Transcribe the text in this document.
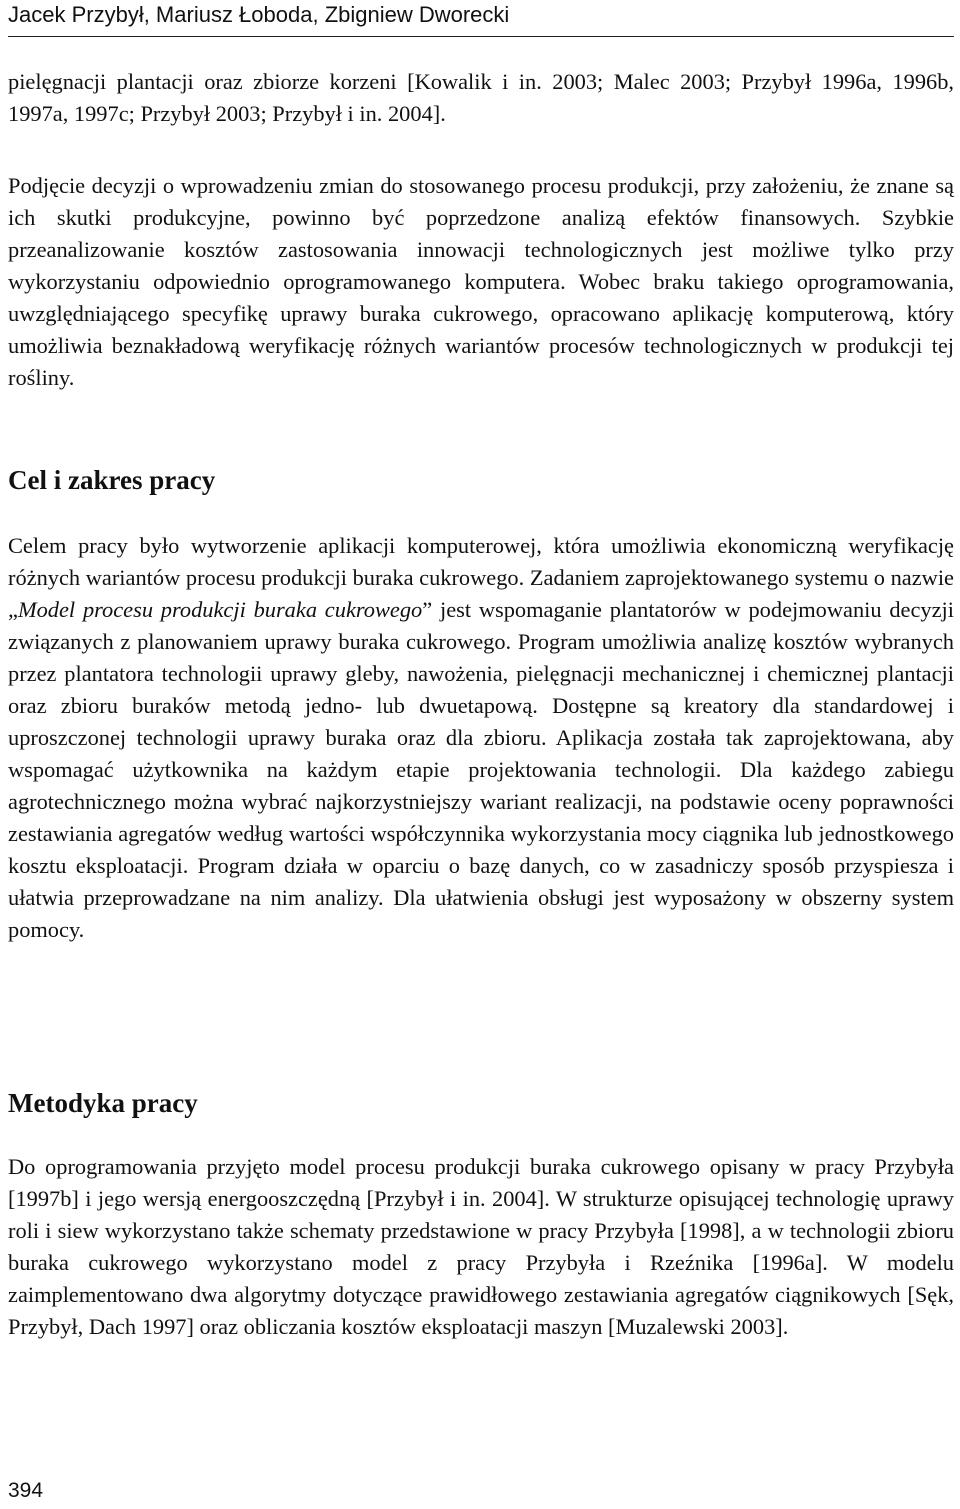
Jacek Przybył, Mariusz Łoboda, Zbigniew Dworecki

pielęgnacji plantacji oraz zbiorze korzeni [Kowalik i in. 2003; Malec 2003; Przybył 1996a, 1996b, 1997a, 1997c; Przybył 2003; Przybył i in. 2004].

Podjęcie decyzji o wprowadzeniu zmian do stosowanego procesu produkcji, przy założeniu, że znane są ich skutki produkcyjne, powinno być poprzedzone analizą efektów finansowych. Szybkie przeanalizowanie kosztów zastosowania innowacji technologicznych jest możliwe tylko przy wykorzystaniu odpowiednio oprogramowanego komputera. Wobec braku takiego oprogramowania, uwzględniającego specyfikę uprawy buraka cukrowego, opracowano aplikację komputerową, który umożliwia beznakładową weryfikację różnych wariantów procesów technologicznych w produkcji tej rośliny.

Cel i zakres pracy

Celem pracy było wytworzenie aplikacji komputerowej, która umożliwia ekonomiczną weryfikację różnych wariantów procesu produkcji buraka cukrowego. Zadaniem zaprojektowanego systemu o nazwie „Model procesu produkcji buraka cukrowego” jest wspomaganie plantatorów w podejmowaniu decyzji związanych z planowaniem uprawy buraka cukrowego. Program umożliwia analizę kosztów wybranych przez plantatora technologii uprawy gleby, nawożenia, pielęgnacji mechanicznej i chemicznej plantacji oraz zbioru buraków metodą jedno- lub dwuetapową. Dostępne są kreatory dla standardowej i uproszczonej technologii uprawy buraka oraz dla zbioru. Aplikacja została tak zaprojektowana, aby wspomagać użytkownika na każdym etapie projektowania technologii. Dla każdego zabiegu agrotechnicznego można wybrać najkorzystniejszy wariant realizacji, na podstawie oceny poprawności zestawiania agregatów według wartości współczynnika wykorzystania mocy ciągnika lub jednostkowego kosztu eksploatacji. Program działa w oparciu o bazę danych, co w zasadniczy sposób przyspiesza i ułatwia przeprowadzane na nim analizy. Dla ułatwienia obsługi jest wyposażony w obszerny system pomocy.

Metodyka pracy

Do oprogramowania przyjęto model procesu produkcji buraka cukrowego opisany w pracy Przybyła [1997b] i jego wersją energooszczędną [Przybył i in. 2004]. W strukturze opisującej technologię uprawy roli i siew wykorzystano także schematy przedstawione w pracy Przybyła [1998], a w technologii zbioru buraka cukrowego wykorzystano model z pracy Przybyła i Rzeźnika [1996a]. W modelu zaimplementowano dwa algorytmy dotyczące prawidłowego zestawiania agregatów ciągnikowych [Sęk, Przybył, Dach 1997] oraz obliczania kosztów eksploatacji maszyn [Muzalewski 2003].

394
